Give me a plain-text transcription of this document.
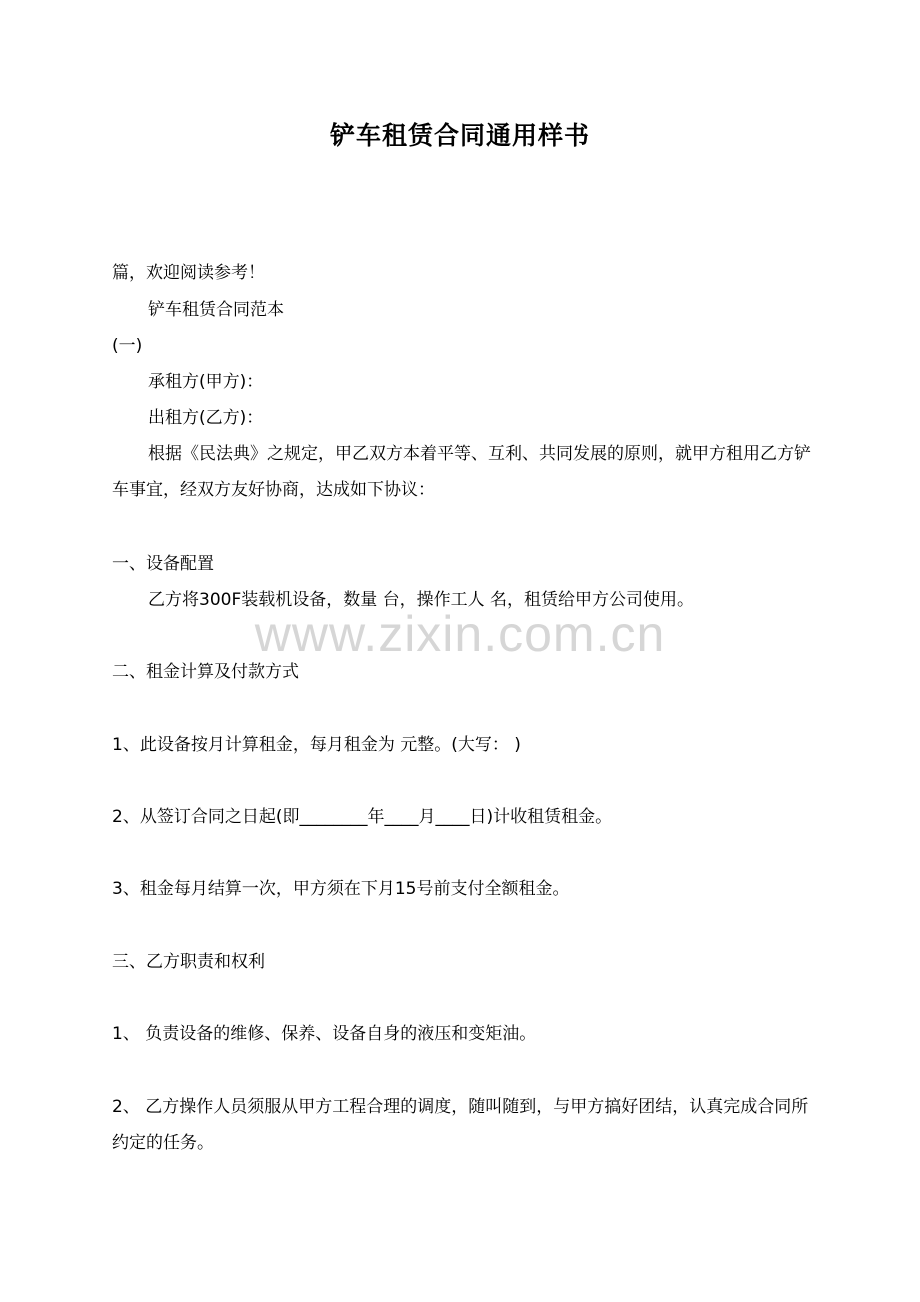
铲车租赁合同通用样书
篇，欢迎阅读参考！
铲车租赁合同范本
(一)
承租方(甲方)：
出租方(乙方)：
根据《民法典》之规定，甲乙双方本着平等、互利、共同发展的原则，就甲方租用乙方铲车事宜，经双方友好协商，达成如下协议：
一、设备配置
乙方将300F装载机设备，数量 台，操作工人 名，租赁给甲方公司使用。
www.zixin.com.cn
二、租金计算及付款方式
1、此设备按月计算租金，每月租金为 元整。(大写： )
2、从签订合同之日起(即________年____月____日)计收租赁租金。
3、租金每月结算一次，甲方须在下月15号前支付全额租金。
三、乙方职责和权利
1、 负责设备的维修、保养、设备自身的液压和变矩油。
2、 乙方操作人员须服从甲方工程合理的调度，随叫随到，与甲方搞好团结，认真完成合同所约定的任务。
